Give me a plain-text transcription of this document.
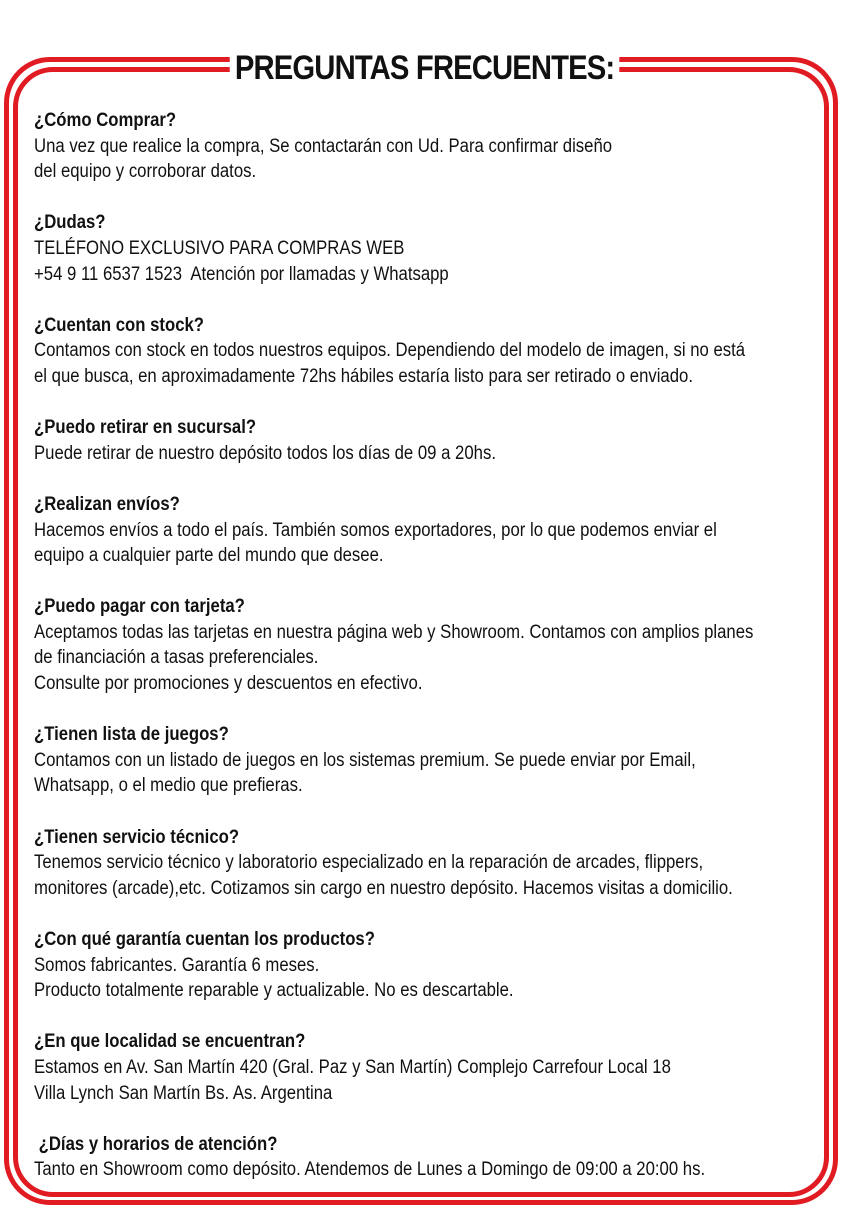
PREGUNTAS FRECUENTES:
¿Cómo Comprar?
Una vez que realice la compra, Se contactarán con Ud. Para confirmar diseño
del equipo y corroborar datos.
¿Dudas?
TELÉFONO EXCLUSIVO PARA COMPRAS WEB
+54 9 11 6537 1523  Atención por llamadas y Whatsapp
¿Cuentan con stock?
Contamos con stock en todos nuestros equipos. Dependiendo del modelo de imagen, si no está
el que busca, en aproximadamente 72hs hábiles estaría listo para ser retirado o enviado.
¿Puedo retirar en sucursal?
Puede retirar de nuestro depósito todos los días de 09 a 20hs.
¿Realizan envíos?
Hacemos envíos a todo el país. También somos exportadores, por lo que podemos enviar el
equipo a cualquier parte del mundo que desee.
¿Puedo pagar con tarjeta?
Aceptamos todas las tarjetas en nuestra página web y Showroom. Contamos con amplios planes
de financiación a tasas preferenciales.
Consulte por promociones y descuentos en efectivo.
¿Tienen lista de juegos?
Contamos con un listado de juegos en los sistemas premium. Se puede enviar por Email,
Whatsapp, o el medio que prefieras.
¿Tienen servicio técnico?
Tenemos servicio técnico y laboratorio especializado en la reparación de arcades, flippers,
monitores (arcade),etc. Cotizamos sin cargo en nuestro depósito. Hacemos visitas a domicilio.
¿Con qué garantía cuentan los productos?
Somos fabricantes. Garantía 6 meses.
Producto totalmente reparable y actualizable. No es descartable.
¿En que localidad se encuentran?
Estamos en Av. San Martín 420 (Gral. Paz y San Martín) Complejo Carrefour Local 18
Villa Lynch San Martín Bs. As. Argentina
¿Días y horarios de atención?
Tanto en Showroom como depósito. Atendemos de Lunes a Domingo de 09:00 a 20:00 hs.
